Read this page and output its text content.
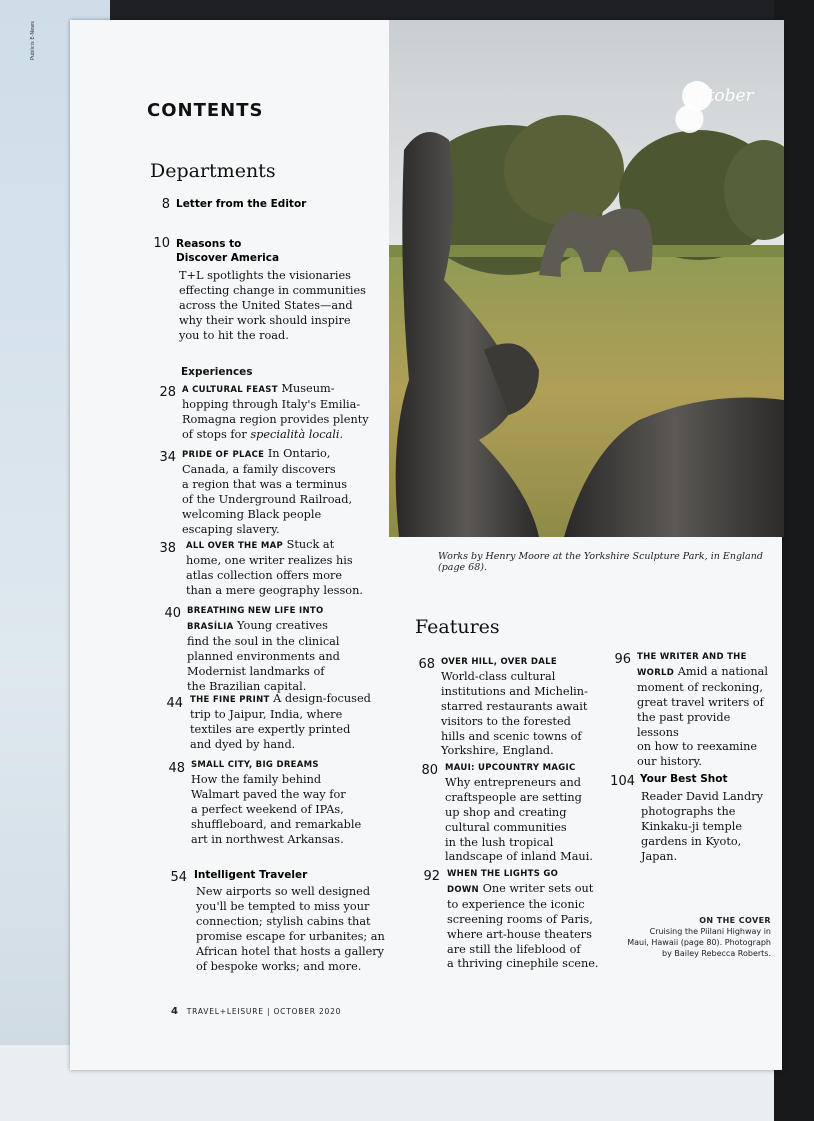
Publicis E-News
ctober
Works by Henry Moore at the Yorkshire Sculpture Park, in England (page 68).
CONTENTS
Departments
8 Letter from the Editor
10 Reasons to
Discover America
T+L spotlights the visionaries
effecting change in communities
across the United States—and
why their work should inspire
you to hit the road.
Experiences
28 A CULTURAL FEAST Museum-
hopping through Italy's Emilia-
Romagna region provides plenty
of stops for specialità locali.
34 PRIDE OF PLACE In Ontario,
Canada, a family discovers
a region that was a terminus
of the Underground Railroad,
welcoming Black people
escaping slavery.
38 ALL OVER THE MAP Stuck at
home, one writer realizes his
atlas collection offers more
than a mere geography lesson.
40 BREATHING NEW LIFE INTO
BRASÍLIA Young creatives
find the soul in the clinical
planned environments and
Modernist landmarks of
the Brazilian capital.
44 THE FINE PRINT A design-focused
trip to Jaipur, India, where
textiles are expertly printed
and dyed by hand.
48 SMALL CITY, BIG DREAMS
How the family behind
Walmart paved the way for
a perfect weekend of IPAs,
shuffleboard, and remarkable
art in northwest Arkansas.
54 Intelligent Traveler
New airports so well designed
you'll be tempted to miss your
connection; stylish cabins that
promise escape for urbanites; an
African hotel that hosts a gallery
of bespoke works; and more.
Features
68 OVER HILL, OVER DALE
World-class cultural
institutions and Michelin-
starred restaurants await
visitors to the forested
hills and scenic towns of
Yorkshire, England.
80 MAUI: UPCOUNTRY MAGIC
Why entrepreneurs and
craftspeople are setting
up shop and creating
cultural communities
in the lush tropical
landscape of inland Maui.
92 WHEN THE LIGHTS GO
DOWN One writer sets out
to experience the iconic
screening rooms of Paris,
where art-house theaters
are still the lifeblood of
a thriving cinephile scene.
96 THE WRITER AND THE
WORLD Amid a national
moment of reckoning,
great travel writers of
the past provide lessons
on how to reexamine
our history.
104 Your Best Shot
Reader David Landry
photographs the
Kinkaku-ji temple
gardens in Kyoto, Japan.
ON THE COVER
Cruising the Piilani Highway in
Maui, Hawaii (page 80). Photograph
by Bailey Rebecca Roberts.
4 TRAVEL+LEISURE | OCTOBER 2020
